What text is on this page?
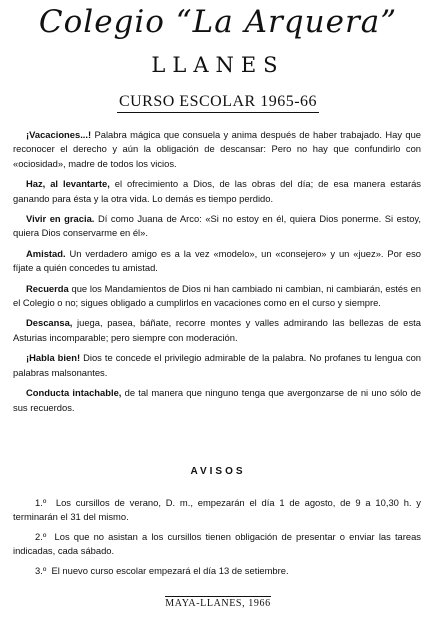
Colegio “La Arquera”
LLANES
CURSO ESCOLAR 1965-66

¡Vacaciones...! Palabra mágica que consuela y anima después de haber trabajado. Hay que reconocer el derecho y aún la obligación de descansar: Pero no hay que confundirlo con «ociosidad», madre de todos los vicios.

Haz, al levantarte, el ofrecimiento a Dios, de las obras del día; de esa manera estarás ganando para ésta y la otra vida. Lo demás es tiempo perdido.

Vivir en gracia. Dí como Juana de Arco: «Si no estoy en él, quiera Dios ponerme. Si estoy, quiera Dios conservarme en él».

Amistad. Un verdadero amigo es a la vez «modelo», un «consejero» y un «juez». Por eso fíjate a quién concedes tu amistad.

Recuerda que los Mandamientos de Dios ni han cambiado ni cambian, ni cambiarán, estés en el Colegio o no; sigues obligado a cumplirlos en vacaciones como en el curso y siempre.

Descansa, juega, pasea, báñate, recorre montes y valles admirando las bellezas de esta Asturias incomparable; pero siempre con moderación.

¡Habla bien! Dios te concede el privilegio admirable de la palabra. No profanes tu lengua con palabras malsonantes.

Conducta intachable, de tal manera que ninguno tenga que avergonzarse de ni uno sólo de sus recuerdos.

AVISOS

1.º Los cursillos de verano, D. m., empezarán el día 1 de agosto, de 9 a 10,30 h. y terminarán el 31 del mismo.

2.º Los que no asistan a los cursillos tienen obligación de presentar o enviar las tareas indicadas, cada sábado.

3.º El nuevo curso escolar empezará el día 13 de setiembre.

MAYA-LLANES, 1966
